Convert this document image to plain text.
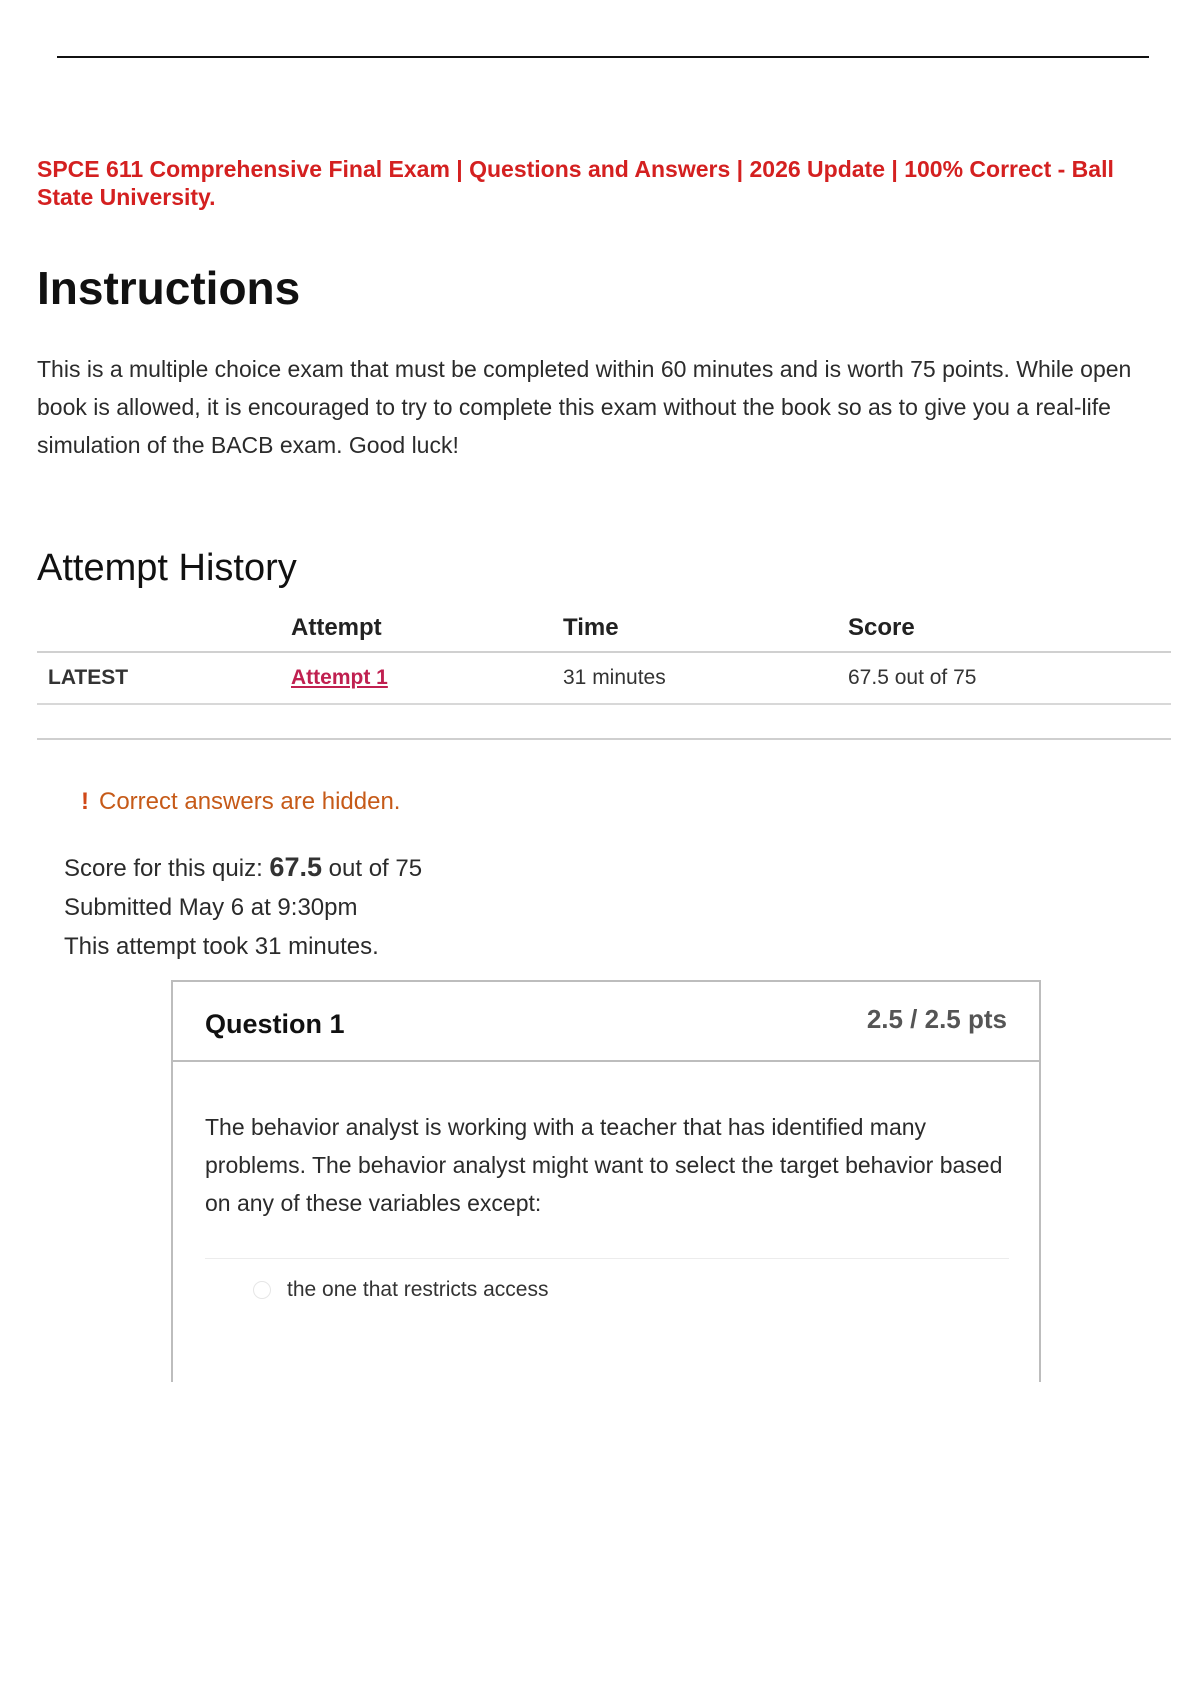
SPCE 611 Comprehensive Final Exam | Questions and Answers | 2026 Update | 100% Correct - Ball State University.
Instructions

This is a multiple choice exam that must be completed within 60 minutes and is worth 75 points. While open book is allowed, it is encouraged to try to complete this exam without the book so as to give you a real-life simulation of the BACB exam. Good luck!

Attempt History
	Attempt	Time	Score
LATEST	Attempt 1	31 minutes	67.5 out of 75

! Correct answers are hidden.
Score for this quiz: 67.5 out of 75
Submitted May 6 at 9:30pm
This attempt took 31 minutes.
Question 1	2.5 / 2.5 pts
The behavior analyst is working with a teacher that has identified many problems. The behavior analyst might want to select the target behavior based on any of these variables except:
the one that restricts access
